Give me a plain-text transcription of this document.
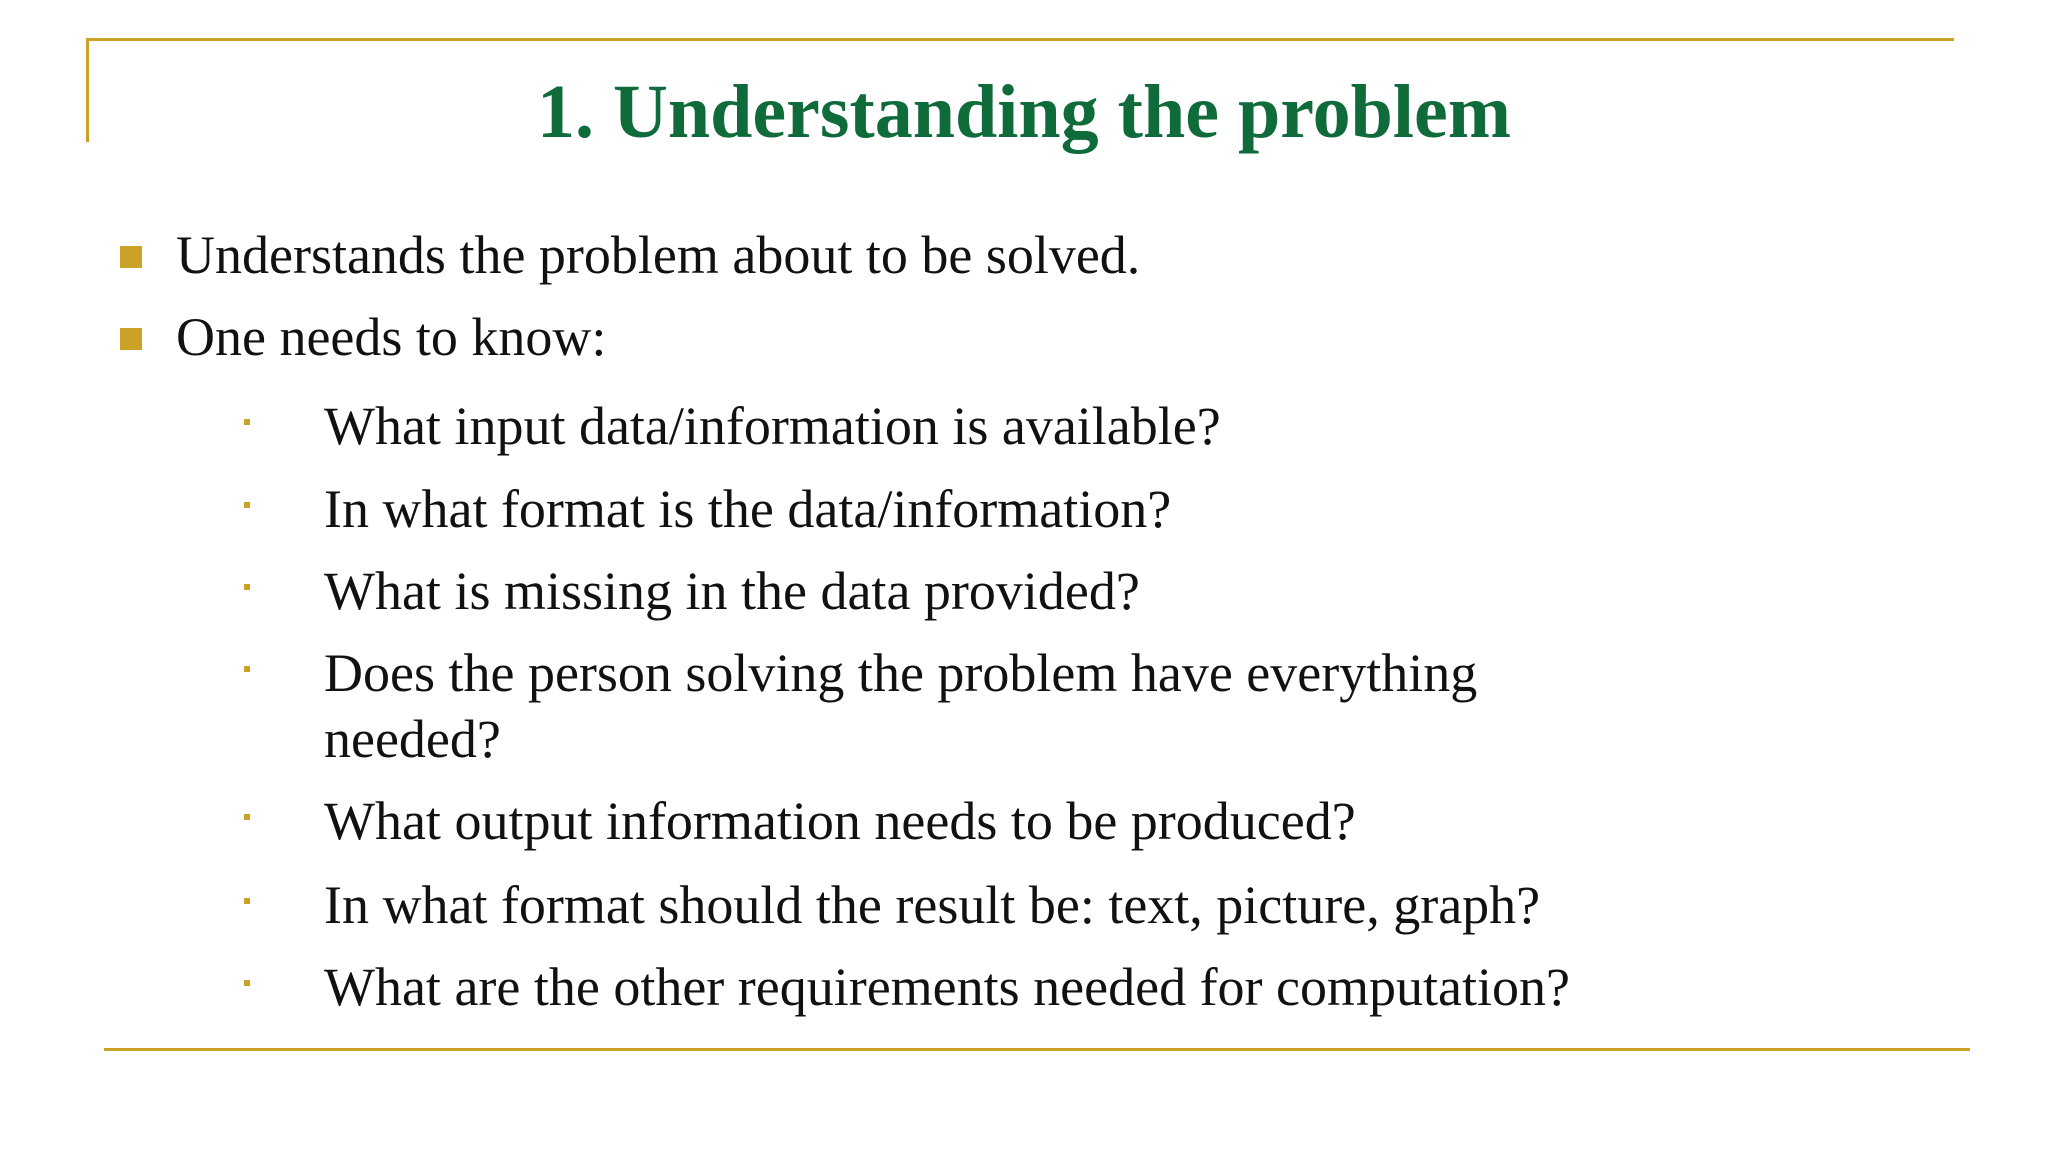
1. Understanding the problem
Understands the problem about to be solved.
One needs to know:
What input data/information is available?
In what format is the data/information?
What is missing in the data provided?
Does the person solving the problem have everything needed?
What output information needs to be produced?
In what format should the result be: text, picture, graph?
What are the other requirements needed for computation?
